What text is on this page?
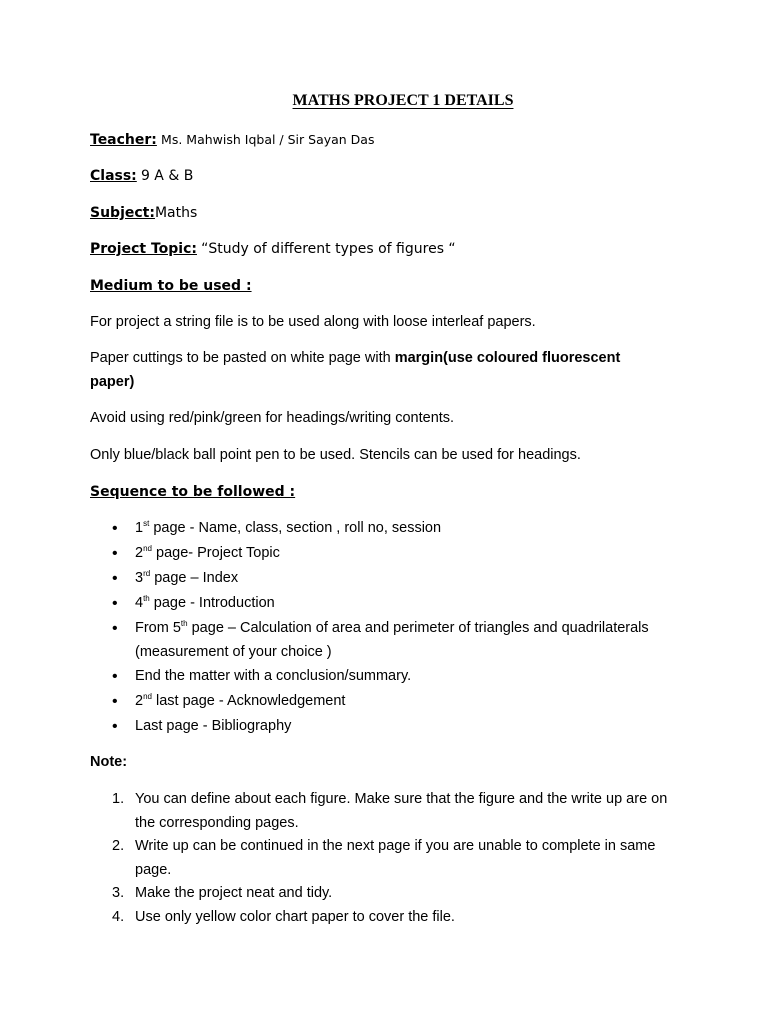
MATHS PROJECT 1 DETAILS
Teacher: Ms. Mahwish Iqbal / Sir Sayan Das
Class: 9 A & B
Subject:Maths
Project Topic: “Study of different types of figures “
Medium to be used :
For project a string file is to be used along with loose interleaf papers.
Paper cuttings to be pasted on white page with margin(use coloured fluorescent
paper)
Avoid using red/pink/green for headings/writing contents.
Only blue/black ball point pen to be used. Stencils can be used for headings.
Sequence to be followed :
• 1st page - Name, class, section , roll no, session
• 2nd page- Project Topic
• 3rd page – Index
• 4th page - Introduction
• From 5th page – Calculation of area and perimeter of triangles and quadrilaterals
(measurement of your choice )
• End the matter with a conclusion/summary.
• 2nd last page - Acknowledgement
• Last page - Bibliography
Note:
1. You can define about each figure. Make sure that the figure and the write up are on
the corresponding pages.
2. Write up can be continued in the next page if you are unable to complete in same
page.
3. Make the project neat and tidy.
4. Use only yellow color chart paper to cover the file.
